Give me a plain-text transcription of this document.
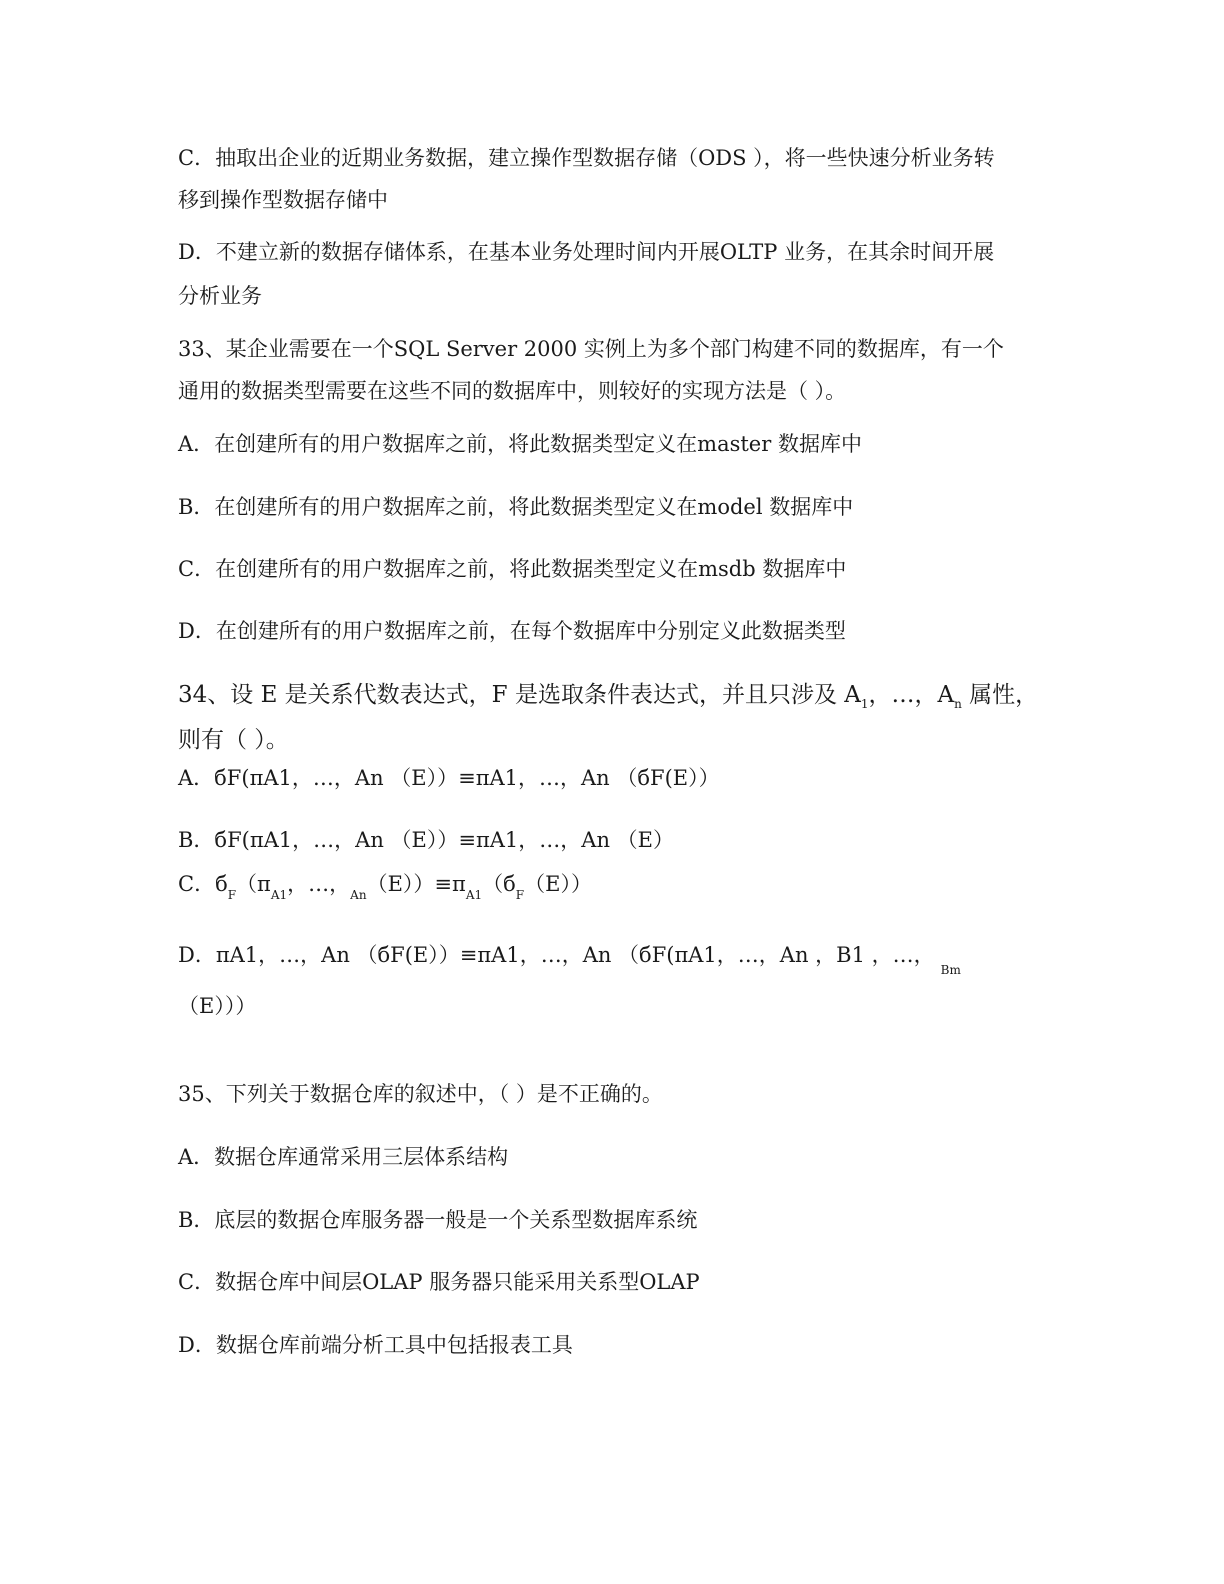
C．抽取出企业的近期业务数据，建立操作型数据存储（ODS ），将一些快速分析业务转
移到操作型数据存储中
D．不建立新的数据存储体系，在基本业务处理时间内开展OLTP 业务，在其余时间开展
分析业务
33、某企业需要在一个SQL Server 2000 实例上为多个部门构建不同的数据库，有一个
通用的数据类型需要在这些不同的数据库中，则较好的实现方法是（ ）。
A．在创建所有的用户数据库之前，将此数据类型定义在master 数据库中
B．在创建所有的用户数据库之前，将此数据类型定义在model 数据库中
C．在创建所有的用户数据库之前，将此数据类型定义在msdb 数据库中
D．在创建所有的用户数据库之前，在每个数据库中分别定义此数据类型
34、设 E 是关系代数表达式，F 是选取条件表达式，并且只涉及 $A_1$，…，$A_n$ 属性，
则有（ ）。
A．бF(πA1，…，An （E））≡πA1，…，An （бF(E））
B．бF(πA1，…，An （E））≡πA1，…，An （E）
C．$б_F(\pi_{A1}$，…，$_{An}(E))\equiv\pi_{A1}(б_F(E))$
D．πA1，…，An （бF(E））≡πA1，…，An （бF(πA1，…，An ，B1 ，…，$_{Bm}$
（E）））
35、下列关于数据仓库的叙述中，（ ）是不正确的。
A．数据仓库通常采用三层体系结构
B．底层的数据仓库服务器一般是一个关系型数据库系统
C．数据仓库中间层OLAP 服务器只能采用关系型OLAP
D．数据仓库前端分析工具中包括报表工具
